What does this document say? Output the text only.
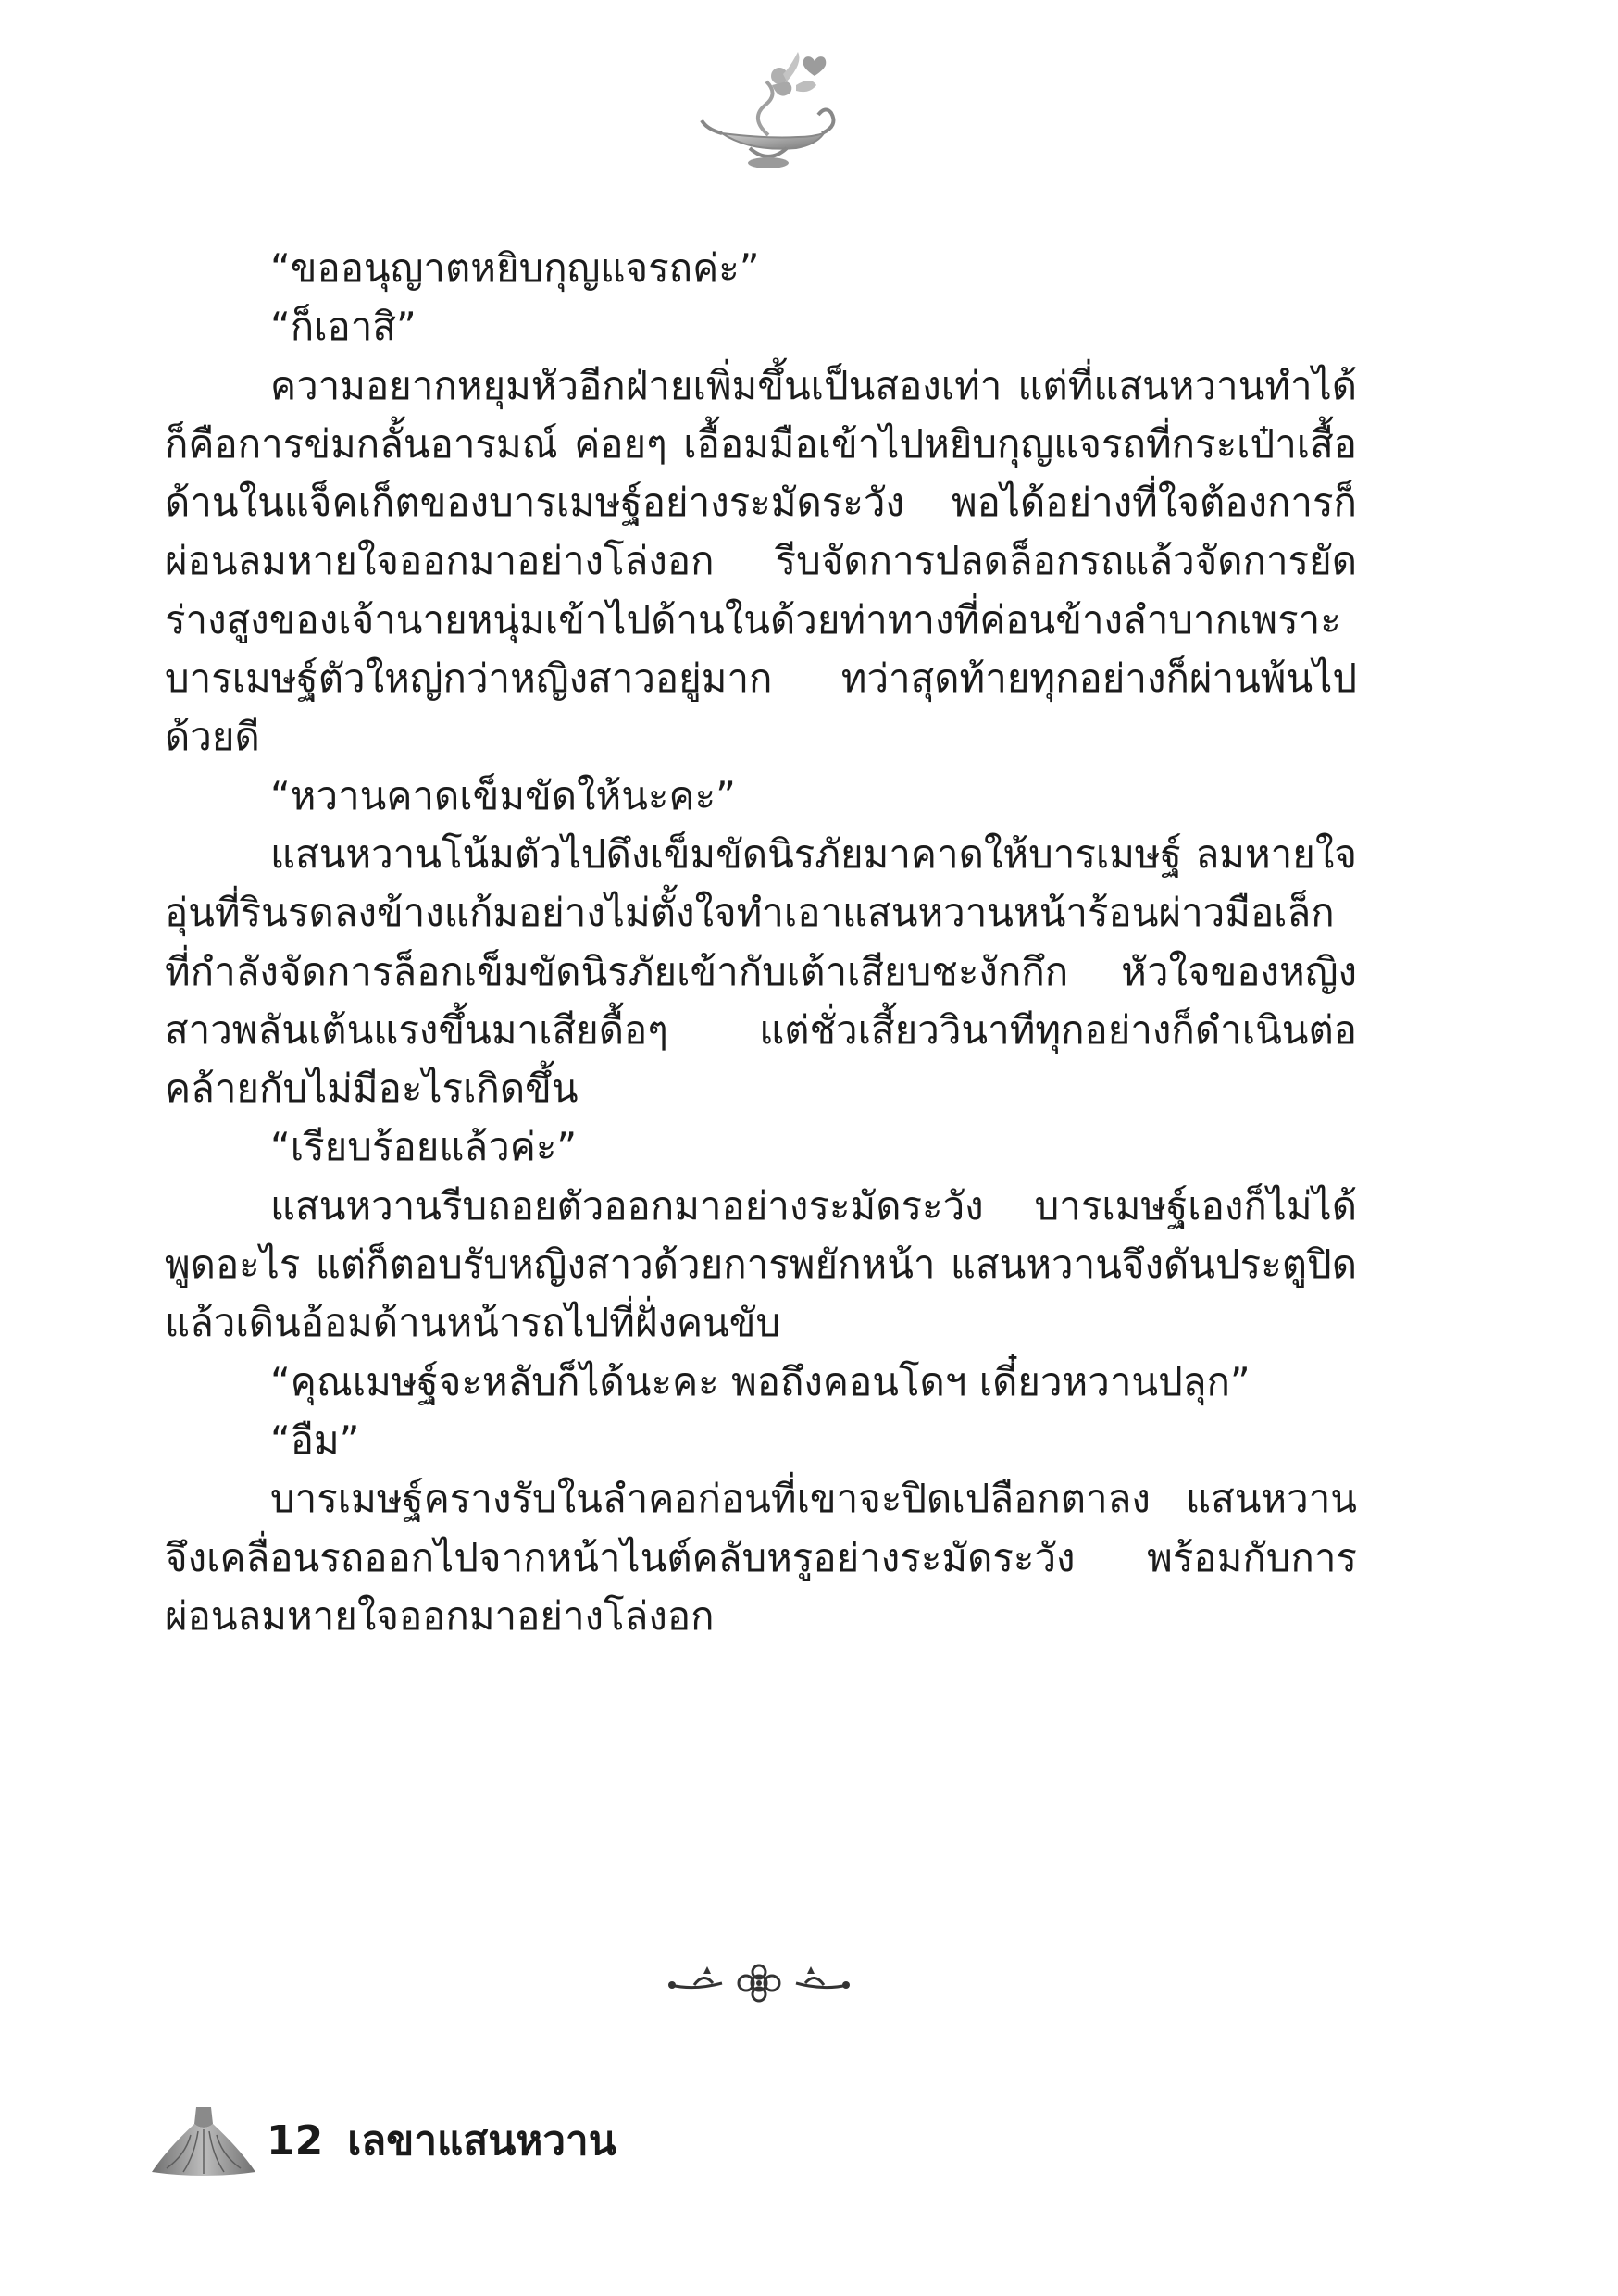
“ขออนุญาตหยิบกุญแจรถค่ะ”

“ก็เอาสิ”

ความอยากหยุมหัวอีกฝ่ายเพิ่มขึ้นเป็นสองเท่า แต่ที่แสนหวานทำได้ก็คือการข่มกลั้นอารมณ์ ค่อยๆ เอื้อมมือเข้าไปหยิบกุญแจรถที่กระเป๋าเสื้อด้านในแจ็คเก็ตของบารเมษฐ์อย่างระมัดระวัง พอได้อย่างที่ใจต้องการก็ผ่อนลมหายใจออกมาอย่างโล่งอก รีบจัดการปลดล็อกรถแล้วจัดการยัดร่างสูงของเจ้านายหนุ่มเข้าไปด้านในด้วยท่าทางที่ค่อนข้างลำบากเพราะบารเมษฐ์ตัวใหญ่กว่าหญิงสาวอยู่มาก ทว่าสุดท้ายทุกอย่างก็ผ่านพ้นไปด้วยดี

“หวานคาดเข็มขัดให้นะคะ”

แสนหวานโน้มตัวไปดึงเข็มขัดนิรภัยมาคาดให้บารเมษฐ์ ลมหายใจอุ่นที่รินรดลงข้างแก้มอย่างไม่ตั้งใจทำเอาแสนหวานหน้าร้อนผ่าวมือเล็กที่กำลังจัดการล็อกเข็มขัดนิรภัยเข้ากับเต้าเสียบชะงักกึก หัวใจของหญิงสาวพลันเต้นแรงขึ้นมาเสียดื้อๆ แต่ชั่วเสี้ยววินาทีทุกอย่างก็ดำเนินต่อคล้ายกับไม่มีอะไรเกิดขึ้น

“เรียบร้อยแล้วค่ะ”

แสนหวานรีบถอยตัวออกมาอย่างระมัดระวัง บารเมษฐ์เองก็ไม่ได้พูดอะไร แต่ก็ตอบรับหญิงสาวด้วยการพยักหน้า แสนหวานจึงดันประตูปิดแล้วเดินอ้อมด้านหน้ารถไปที่ฝั่งคนขับ

“คุณเมษฐ์จะหลับก็ได้นะคะ พอถึงคอนโดฯ เดี๋ยวหวานปลุก”

“อืม”

บารเมษฐ์ครางรับในลำคอก่อนที่เขาจะปิดเปลือกตาลง แสนหวานจึงเคลื่อนรถออกไปจากหน้าไนต์คลับหรูอย่างระมัดระวัง พร้อมกับการผ่อนลมหายใจออกมาอย่างโล่งอก

12 เลขาแสนหวาน
